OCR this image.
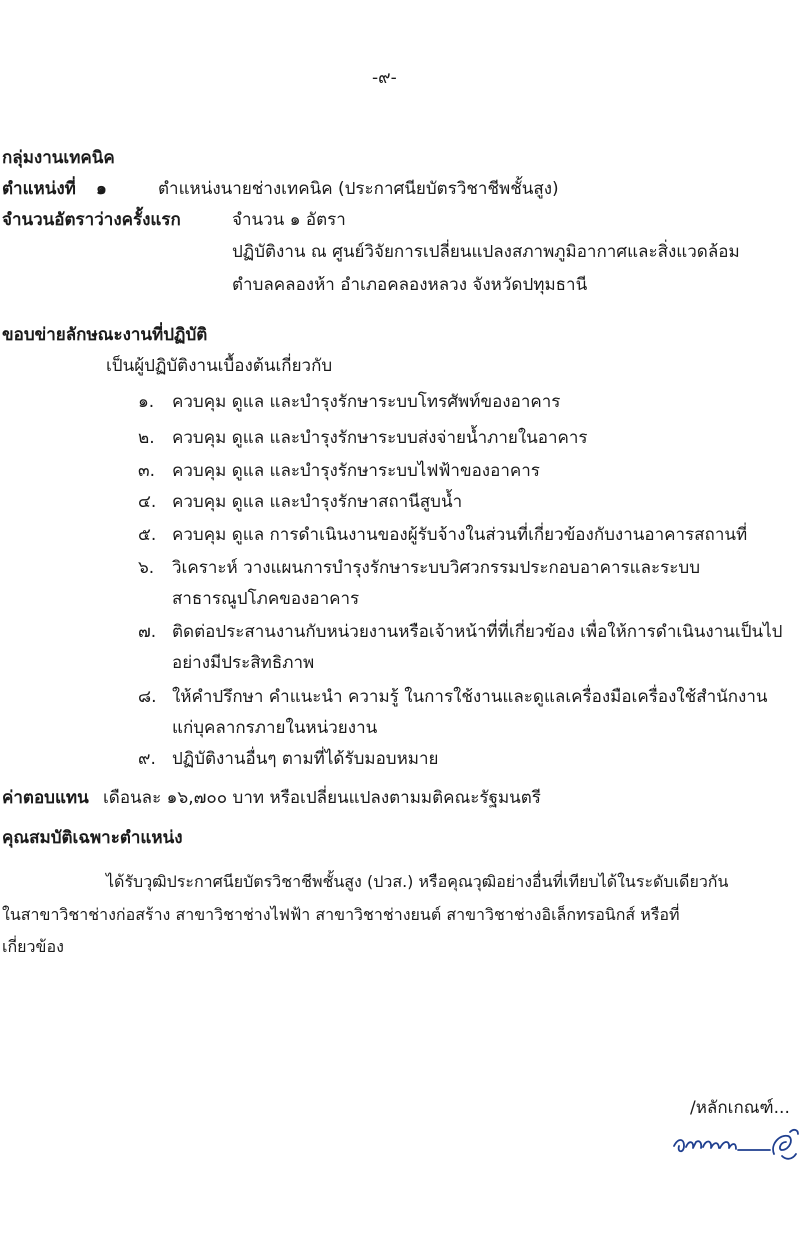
-๙-
กลุ่มงานเทคนิค
ตำแหน่งที่ ๑	ตำแหน่งนายช่างเทคนิค (ประกาศนียบัตรวิชาชีพชั้นสูง)
จำนวนอัตราว่างครั้งแรก	จำนวน ๑ อัตรา
ปฏิบัติงาน ณ ศูนย์วิจัยการเปลี่ยนแปลงสภาพภูมิอากาศและสิ่งแวดล้อม
ตำบลคลองห้า อำเภอคลองหลวง จังหวัดปทุมธานี
ขอบข่ายลักษณะงานที่ปฏิบัติ
เป็นผู้ปฏิบัติงานเบื้องต้นเกี่ยวกับ
๑. ควบคุม ดูแล และบำรุงรักษาระบบโทรศัพท์ของอาคาร
๒. ควบคุม ดูแล และบำรุงรักษาระบบส่งจ่ายน้ำภายในอาคาร
๓. ควบคุม ดูแล และบำรุงรักษาระบบไฟฟ้าของอาคาร
๔. ควบคุม ดูแล และบำรุงรักษาสถานีสูบน้ำ
๕. ควบคุม ดูแล การดำเนินงานของผู้รับจ้างในส่วนที่เกี่ยวข้องกับงานอาคารสถานที่
๖. วิเคราะห์ วางแผนการบำรุงรักษาระบบวิศวกรรมประกอบอาคารและระบบ
สาธารณูปโภคของอาคาร
๗. ติดต่อประสานงานกับหน่วยงานหรือเจ้าหน้าที่ที่เกี่ยวข้อง เพื่อให้การดำเนินงานเป็นไป
อย่างมีประสิทธิภาพ
๘. ให้คำปรึกษา คำแนะนำ ความรู้ ในการใช้งานและดูแลเครื่องมือเครื่องใช้สำนักงาน
แก่บุคลากรภายในหน่วยงาน
๙. ปฏิบัติงานอื่นๆ ตามที่ได้รับมอบหมาย
ค่าตอบแทน เดือนละ ๑๖,๗๐๐ บาท หรือเปลี่ยนแปลงตามมติคณะรัฐมนตรี
คุณสมบัติเฉพาะตำแหน่ง
ได้รับวุฒิประกาศนียบัตรวิชาชีพชั้นสูง (ปวส.) หรือคุณวุฒิอย่างอื่นที่เทียบได้ในระดับเดียวกัน
ในสาขาวิชาช่างก่อสร้าง สาขาวิชาช่างไฟฟ้า สาขาวิชาช่างยนต์ สาขาวิชาช่างอิเล็กทรอนิกส์ หรือที่
เกี่ยวข้อง
/หลักเกณฑ์...
